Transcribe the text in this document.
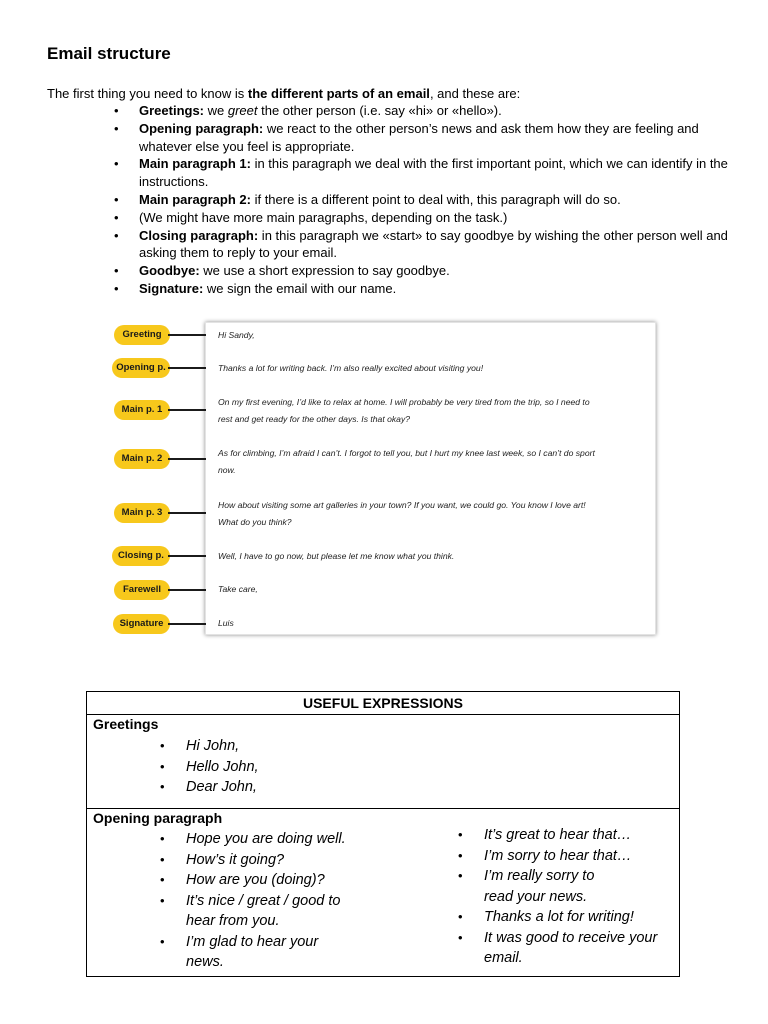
Email structure
The first thing you need to know is the different parts of an email, and these are:
• Greetings: we greet the other person (i.e. say «hi» or «hello»).
• Opening paragraph: we react to the other person’s news and ask them how they are feeling and whatever else you feel is appropriate.
• Main paragraph 1: in this paragraph we deal with the first important point, which we can identify in the instructions.
• Main paragraph 2: if there is a different point to deal with, this paragraph will do so.
• (We might have more main paragraphs, depending on the task.)
• Closing paragraph: in this paragraph we «start» to say goodbye by wishing the other person well and asking them to reply to your email.
• Goodbye: we use a short expression to say goodbye.
• Signature: we sign the email with our name.
Hi Sandy,
Thanks a lot for writing back. I’m also really excited about visiting you!
On my first evening, I’d like to relax at home. I will probably be very tired from the trip, so I need to
rest and get ready for the other days. Is that okay?
As for climbing, I’m afraid I can’t. I forgot to tell you, but I hurt my knee last week, so I can’t do sport
now.
How about visiting some art galleries in your town? If you want, we could go. You know I love art!
What do you think?
Well, I have to go now, but please let me know what you think.
Take care,
Luis
Greeting
Opening p.
Main p. 1
Main p. 2
Main p. 3
Closing p.
Farewell
Signature
USEFUL EXPRESSIONS
Greetings
• Hi John,
• Hello John,
• Dear John,
Opening paragraph
• Hope you are doing well.
• How’s it going?
• How are you (doing)?
• It’s nice / great / good to
hear from you.
• I’m glad to hear your
news.
• It’s great to hear that…
• I’m sorry to hear that…
• I’m really sorry to
read your news.
• Thanks a lot for writing!
• It was good to receive your
email.
